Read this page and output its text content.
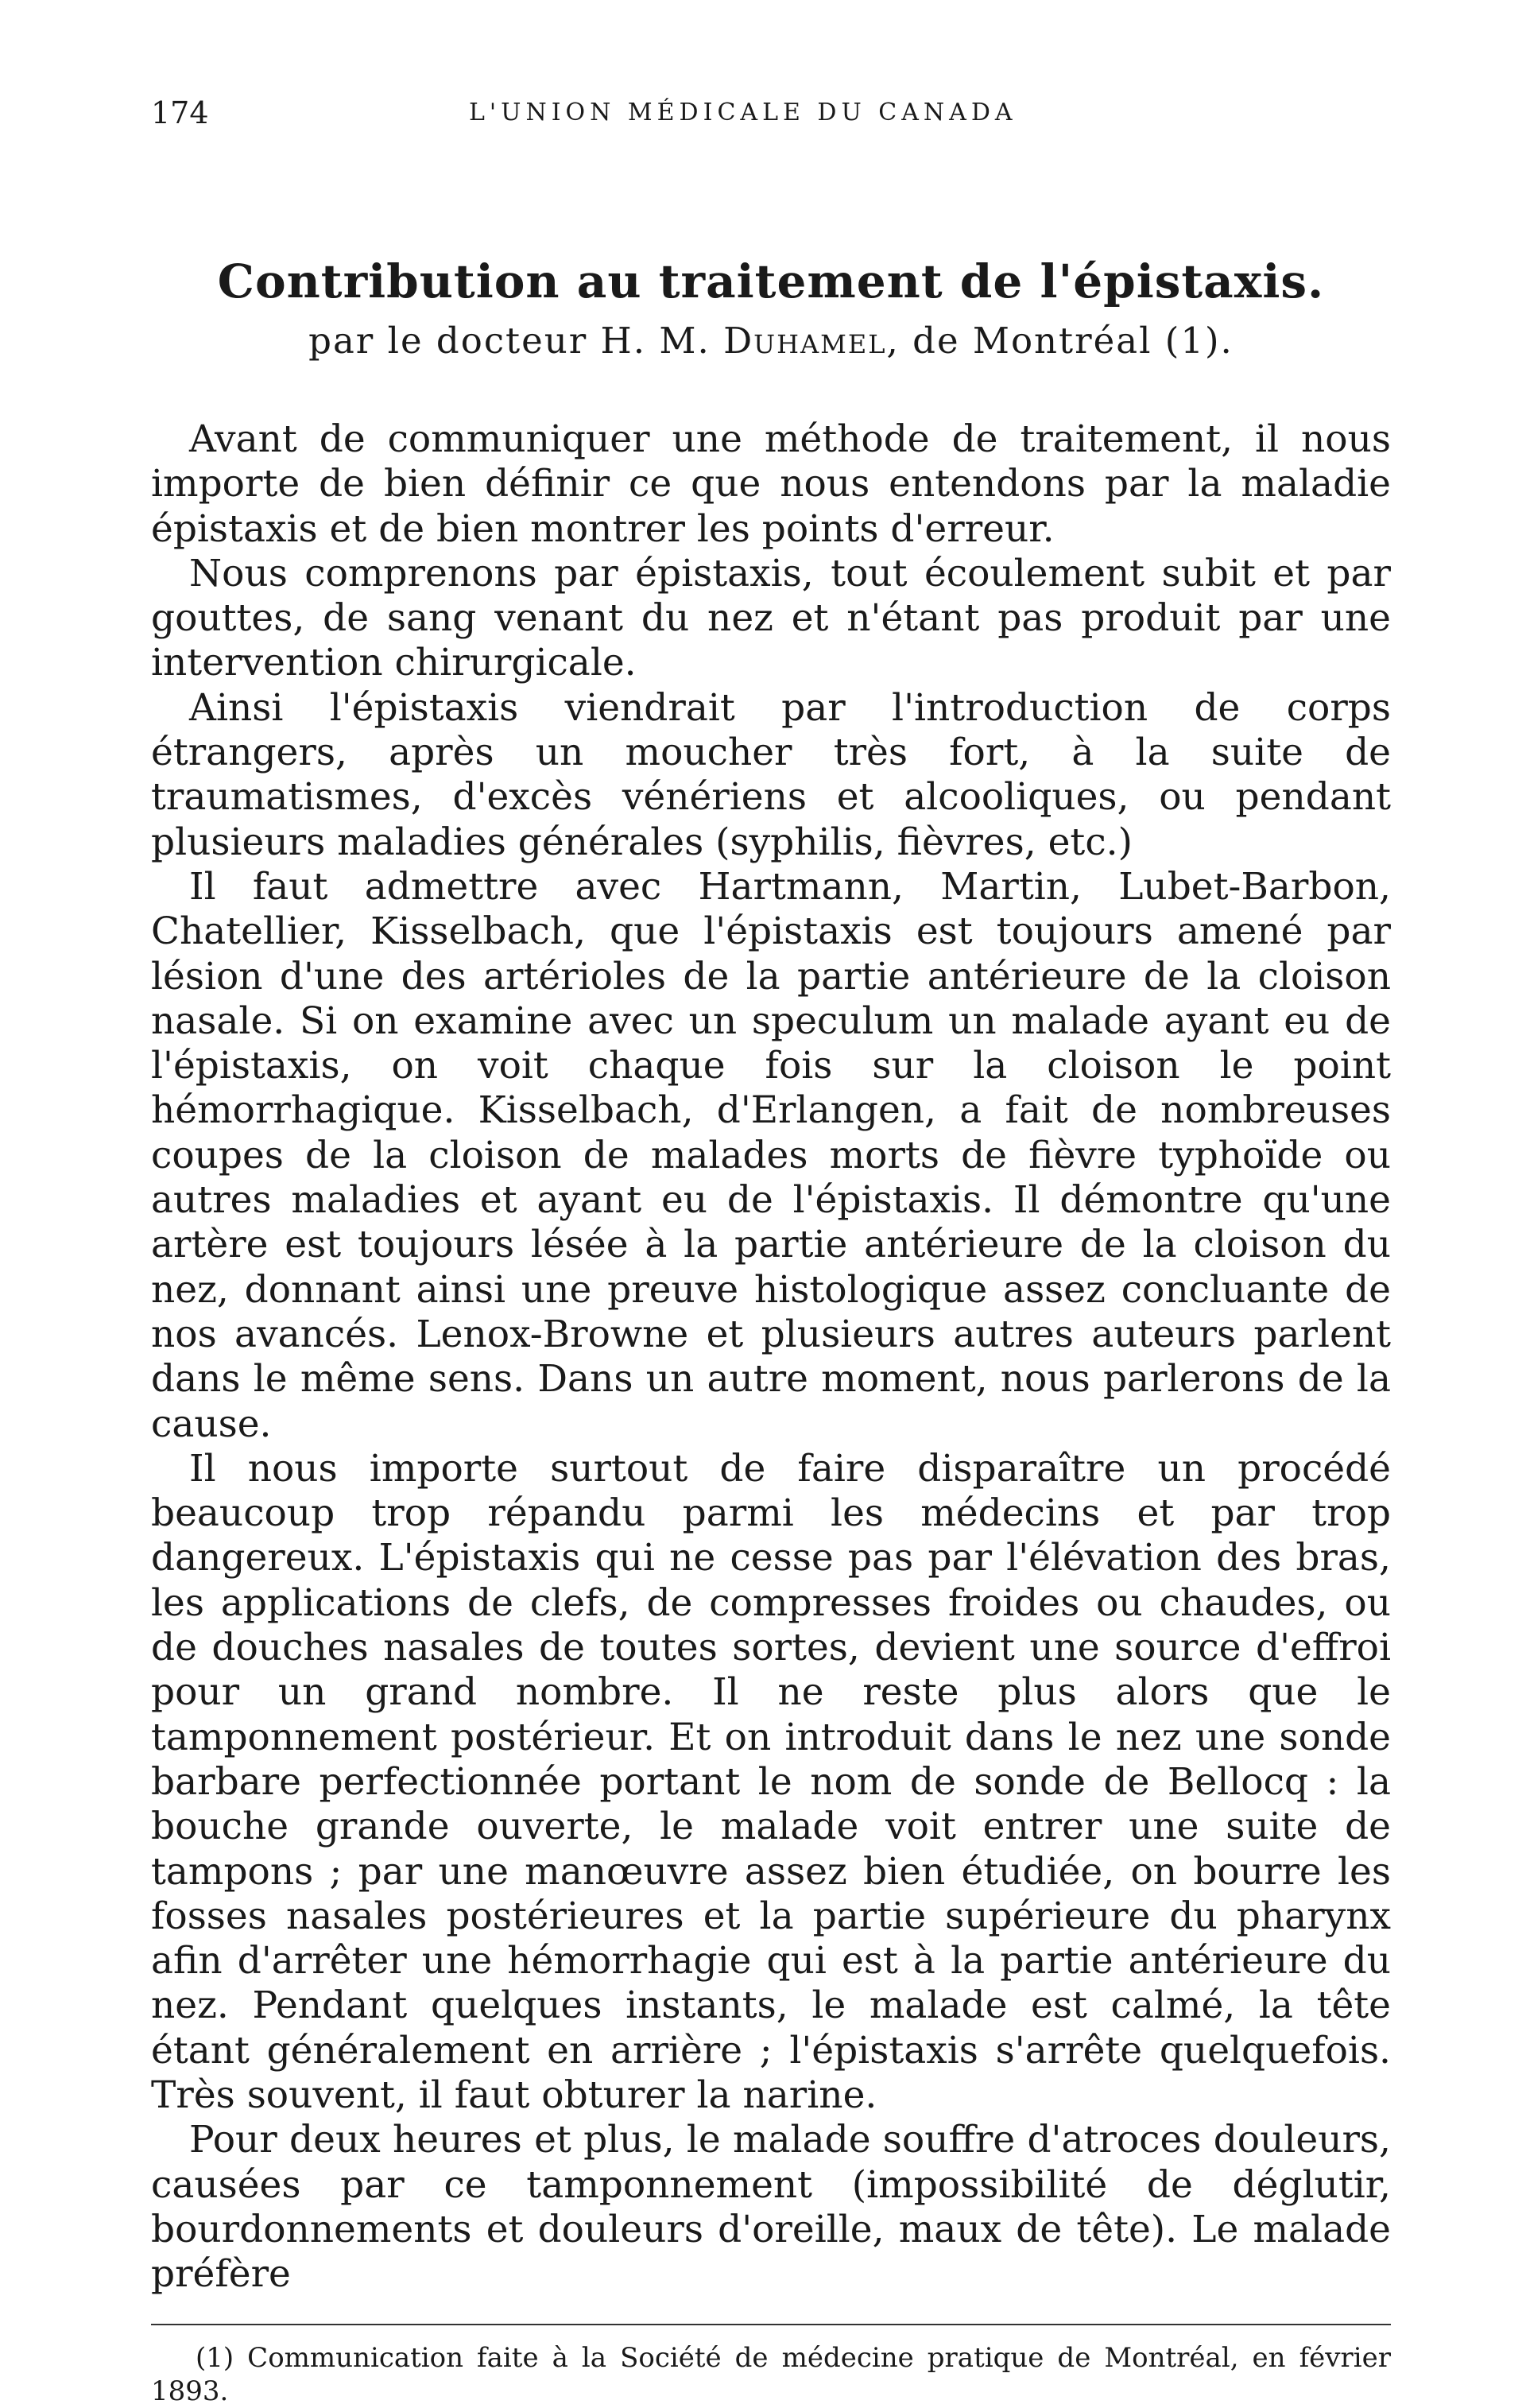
174	L'UNION MÉDICALE DU CANADA
Contribution au traitement de l'épistaxis.
par le docteur H. M. Duhamel, de Montréal (1).

Avant de communiquer une méthode de traitement, il nous importe de bien définir ce que nous entendons par la maladie épistaxis et de bien montrer les points d'erreur.

Nous comprenons par épistaxis, tout écoulement subit et par gouttes, de sang venant du nez et n'étant pas produit par une intervention chirurgicale.

Ainsi l'épistaxis viendrait par l'introduction de corps étrangers, après un moucher très fort, à la suite de traumatismes, d'excès vénériens et alcooliques, ou pendant plusieurs maladies générales (syphilis, fièvres, etc.)

Il faut admettre avec Hartmann, Martin, Lubet-Barbon, Chatellier, Kisselbach, que l'épistaxis est toujours amené par lésion d'une des artérioles de la partie antérieure de la cloison nasale. Si on examine avec un speculum un malade ayant eu de l'épistaxis, on voit chaque fois sur la cloison le point hémorrhagique. Kisselbach, d'Erlangen, a fait de nombreuses coupes de la cloison de malades morts de fièvre typhoïde ou autres maladies et ayant eu de l'épistaxis. Il démontre qu'une artère est toujours lésée à la partie antérieure de la cloison du nez, donnant ainsi une preuve histologique assez concluante de nos avancés. Lenox-Browne et plusieurs autres auteurs parlent dans le même sens. Dans un autre moment, nous parlerons de la cause.

Il nous importe surtout de faire disparaître un procédé beaucoup trop répandu parmi les médecins et par trop dangereux. L'épistaxis qui ne cesse pas par l'élévation des bras, les applications de clefs, de compresses froides ou chaudes, ou de douches nasales de toutes sortes, devient une source d'effroi pour un grand nombre. Il ne reste plus alors que le tamponnement postérieur. Et on introduit dans le nez une sonde barbare perfectionnée portant le nom de sonde de Bellocq : la bouche grande ouverte, le malade voit entrer une suite de tampons ; par une manœuvre assez bien étudiée, on bourre les fosses nasales postérieures et la partie supérieure du pharynx afin d'arrêter une hémorrhagie qui est à la partie antérieure du nez. Pendant quelques instants, le malade est calmé, la tête étant généralement en arrière ; l'épistaxis s'arrête quelquefois. Très souvent, il faut obturer la narine.

Pour deux heures et plus, le malade souffre d'atroces douleurs, causées par ce tamponnement (impossibilité de déglutir, bourdonnements et douleurs d'oreille, maux de tête). Le malade préfère

(1) Communication faite à la Société de médecine pratique de Montréal, en février 1893.
